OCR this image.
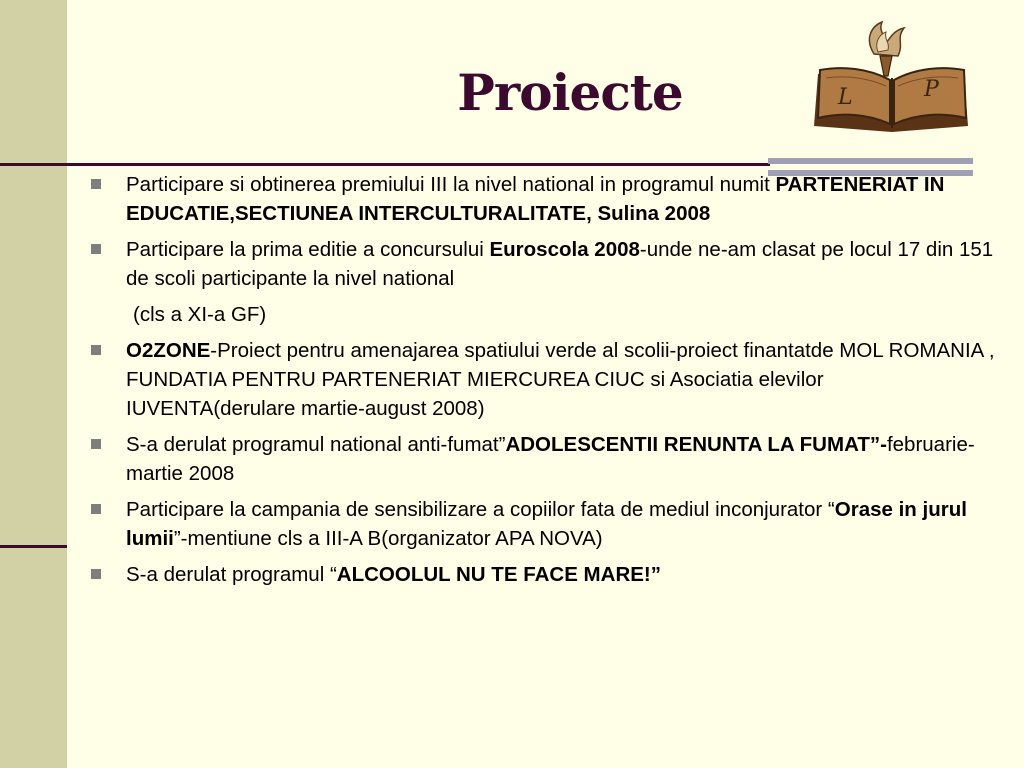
Proiecte	L	P
Participare si obtinerea premiului III la nivel national in programul numit PARTENERIAT IN EDUCATIE,SECTIUNEA INTERCULTURALITATE, Sulina 2008
Participare la prima editie a concursului Euroscola 2008-unde ne-am clasat pe locul 17 din 151 de scoli participante la nivel national
(cls a XI-a GF)
O2ZONE-Proiect pentru amenajarea spatiului verde al scolii-proiect finantatde MOL ROMANIA , FUNDATIA PENTRU PARTENERIAT MIERCUREA CIUC si Asociatia elevilor IUVENTA(derulare martie-august 2008)
S-a derulat programul national anti-fumat”ADOLESCENTII RENUNTA LA FUMAT”-februarie-martie 2008
Participare la campania de sensibilizare a copiilor fata de mediul inconjurator “Orase in jurul lumii”-mentiune cls a III-A B(organizator APA NOVA)
S-a derulat programul “ALCOOLUL NU TE FACE MARE!”
